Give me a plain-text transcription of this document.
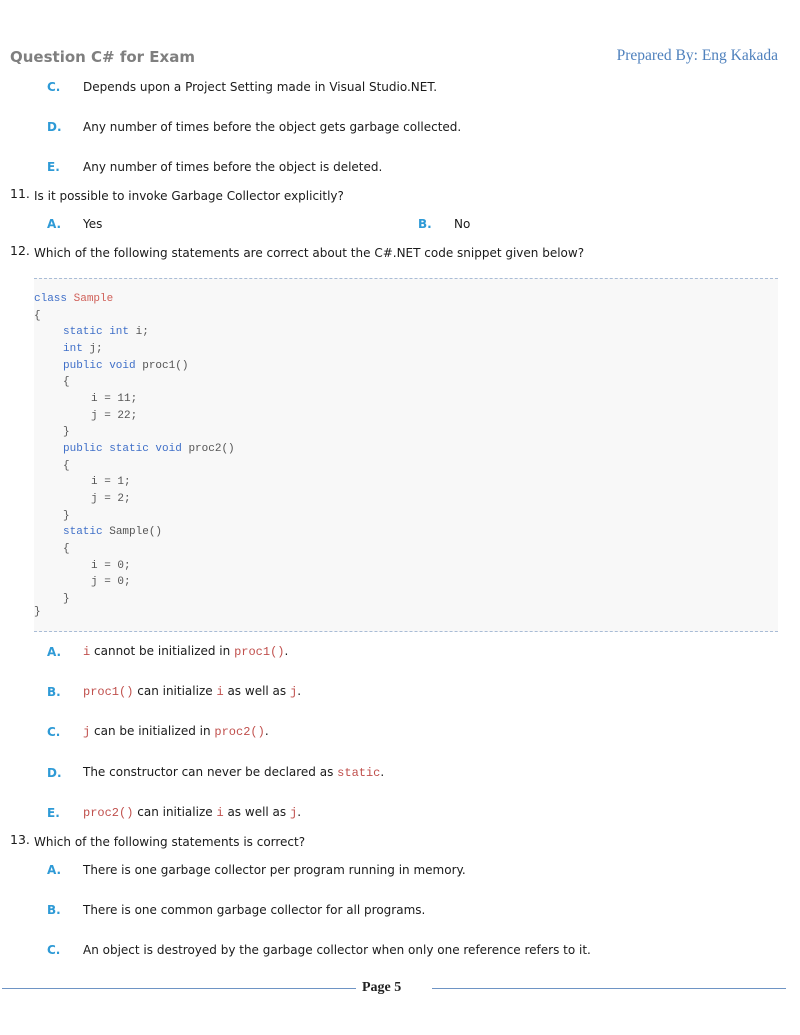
Question C# for Exam	Prepared By: Eng Kakada
C. Depends upon a Project Setting made in Visual Studio.NET.
D. Any number of times before the object gets garbage collected.
E. Any number of times before the object is deleted.
11. Is it possible to invoke Garbage Collector explicitly?
A. Yes	B. No
12. Which of the following statements are correct about the C#.NET code snippet given below?
class Sample
{
static int i;
int j;
public void proc1()
{
i = 11;
j = 22;
}
public static void proc2()
{
i = 1;
j = 2;
}
static Sample()
{
i = 0;
j = 0;
}
}
A. i cannot be initialized in proc1().
B. proc1() can initialize i as well as j.
C. j can be initialized in proc2().
D. The constructor can never be declared as static.
E. proc2() can initialize i as well as j.
13. Which of the following statements is correct?
A. There is one garbage collector per program running in memory.
B. There is one common garbage collector for all programs.
C. An object is destroyed by the garbage collector when only one reference refers to it.
Page 5
